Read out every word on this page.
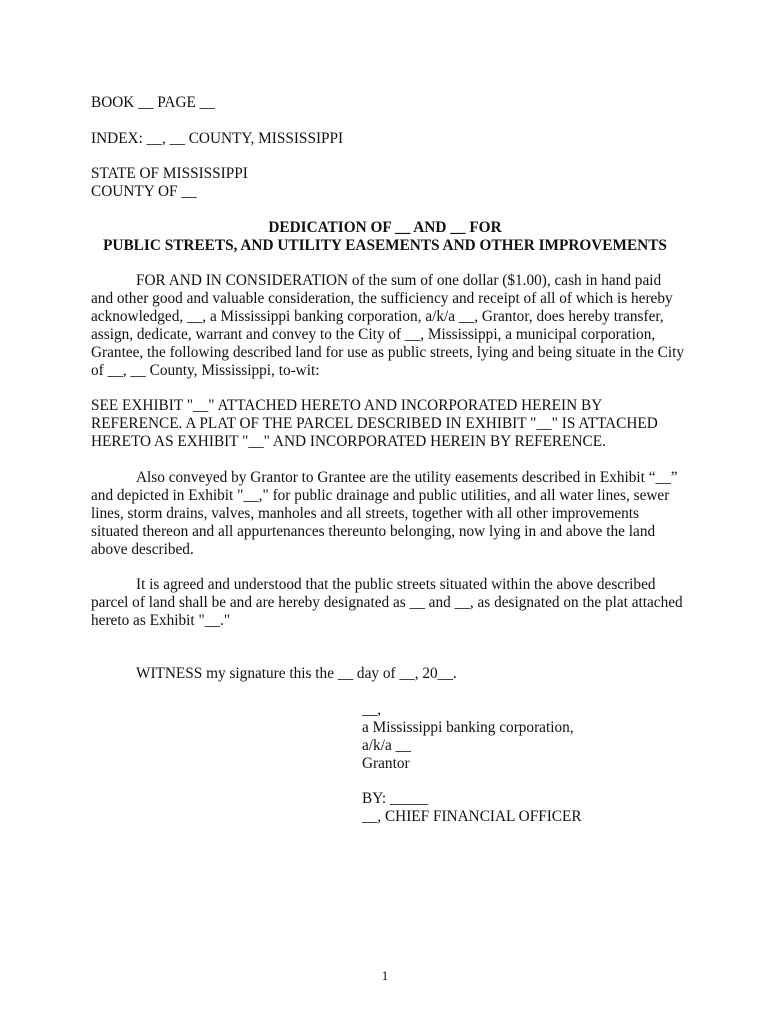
BOOK __ PAGE __
INDEX: __, __ COUNTY, MISSISSIPPI
STATE OF MISSISSIPPI
COUNTY OF __
DEDICATION OF __ AND __ FOR
PUBLIC STREETS, AND UTILITY EASEMENTS AND OTHER IMPROVEMENTS
FOR AND IN CONSIDERATION of the sum of one dollar ($1.00), cash in hand paid
and other good and valuable consideration, the sufficiency and receipt of all of which is hereby
acknowledged, __, a Mississippi banking corporation, a/k/a __, Grantor, does hereby transfer,
assign, dedicate, warrant and convey to the City of __, Mississippi, a municipal corporation,
Grantee, the following described land for use as public streets, lying and being situate in the City
of __, __ County, Mississippi, to-wit:
SEE EXHIBIT "__" ATTACHED HERETO AND INCORPORATED HEREIN BY
REFERENCE. A PLAT OF THE PARCEL DESCRIBED IN EXHIBIT "__" IS ATTACHED
HERETO AS EXHIBIT "__" AND INCORPORATED HEREIN BY REFERENCE.
Also conveyed by Grantor to Grantee are the utility easements described in Exhibit “__”
and depicted in Exhibit "__," for public drainage and public utilities, and all water lines, sewer
lines, storm drains, valves, manholes and all streets, together with all other improvements
situated thereon and all appurtenances thereunto belonging, now lying in and above the land
above described.
It is agreed and understood that the public streets situated within the above described
parcel of land shall be and are hereby designated as __ and __, as designated on the plat attached
hereto as Exhibit "__."
WITNESS my signature this the __ day of __, 20__.
__,
a Mississippi banking corporation,
a/k/a __
Grantor
BY: _____
__, CHIEF FINANCIAL OFFICER
1
